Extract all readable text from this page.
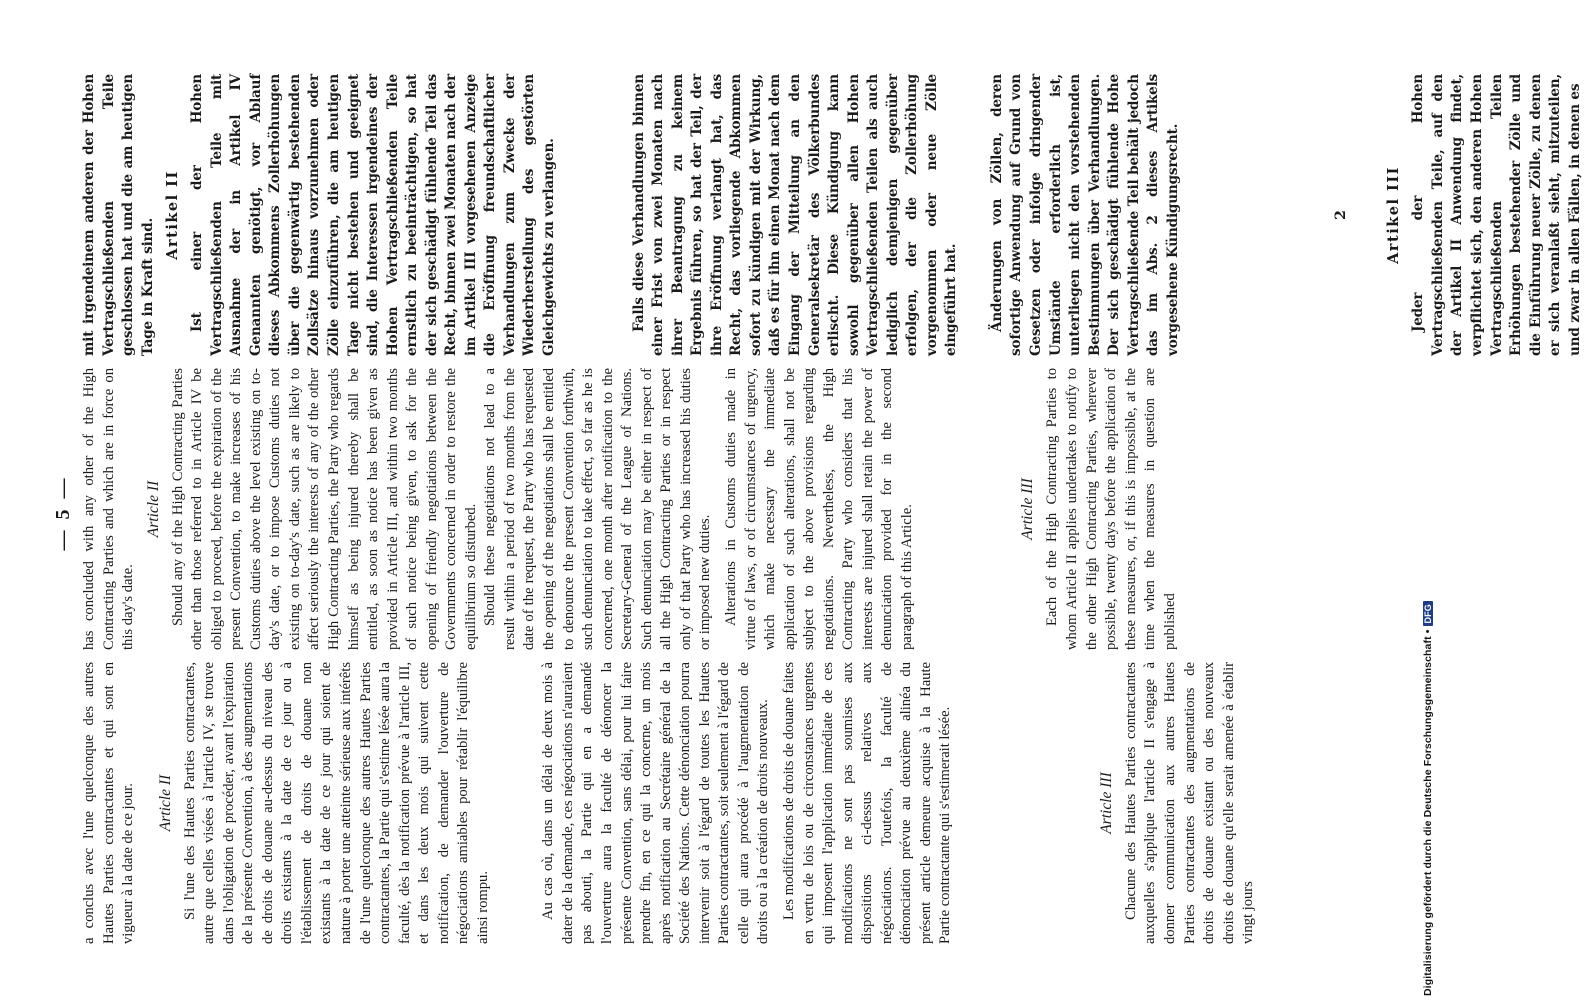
— 5 —

a conclus avec l'une quelconque des autres Hautes Parties contractantes et qui sont en vigueur à la date de ce jour. Article II Si l'une des Hautes Parties contractantes, autre que celles visées à l'article IV, se trouve dans l'obligation de procéder, avant l'expiration de la présente Convention, à des augmentations de droits de douane au-dessus du niveau des droits existants à la date de ce jour ou à l'établissement de droits de douane non existants à la date de ce jour qui soient de nature à porter une atteinte sérieuse aux intérêts de l'une quelconque des autres Hautes Parties contractantes, la Partie qui s'estime lésée aura la faculté, dès la notification prévue à l'article III, et dans les deux mois qui suivent cette notification, de demander l'ouverture de négociations amiables pour rétablir l'équilibre ainsi rompu.	Au cas où, dans un délai de deux mois à dater de la demande, ces négociations n'auraient pas abouti, la Partie qui en a demandé l'ouverture aura la faculté de dénoncer la présente Convention, sans délai, pour lui faire prendre fin, en ce qui la concerne, un mois après notification au Secrétaire général de la Société des Nations. Cette dénonciation pourra intervenir soit à l'égard de toutes les Hautes Parties contractantes, soit seulement à l'égard de celle qui aura procédé à l'augmentation de droits ou à la création de droits nouveaux. Les modifications de droits de douane faites en vertu de lois ou de circonstances urgentes qui imposent l'application immédiate de ces modifications ne sont pas soumises aux dispositions ci-dessus relatives aux négociations. Toutefois, la faculté de dénonciation prévue au deuxième alinéa du présent article demeure acquise à la Haute Partie contractante qui s'estimerait lésée.	Article III Chacune des Hautes Parties contractantes auxquelles s'applique l'article II s'engage à donner communication aux autres Hautes Parties contractantes des augmentations de droits de douane existant ou des nouveaux droits de douane qu'elle serait amenée à établir vingt jours

has concluded with any other of the High Contracting Parties and which are in force on this day's date.

Article II Should any of the High Contracting Parties other than those referred to in Article IV be obliged to proceed, before the expiration of the present Convention, to make increases of his Customs duties above the level existing on to-day's date, or to impose Customs duties not existing on to-day's date, such as are likely to affect seriously the interests of any of the other High Contracting Parties, the Party who regards himself as being injured thereby shall be entitled, as soon as notice has been given as provided in Article III, and within two months of such notice being given, to ask for the opening of friendly negotiations between the Governments concerned in order to restore the equilibrium so disturbed. Should these negotiations not lead to a result within a period of two months from the date of the request, the Party who has requested the opening of the negotiations shall be entitled to denounce the present Convention forthwith, such denunciation to take effect, so far as he is concerned, one month after notification to the Secretary-General of the League of Nations. Such denunciation may be either in respect of all the High Contracting Parties or in respect only of that Party who has increased his duties or imposed new duties. Alterations in Customs duties made in virtue of laws, or of circumstances of urgency, which make necessary the immediate application of such alterations, shall not be subject to the above provisions regarding negotiations. Nevertheless, the High Contracting Party who considers that his interests are injured shall retain the power of denunciation provided for in the second paragraph of this Article.	Article III Each of the High Contracting Parties to whom Article II applies undertakes to notify to the other High Contracting Parties, wherever possible, twenty days before the application of these measures, or, if this is impossible, at the time when the measures in question are published

mit irgendeinem anderen der Hohen Vertragschließenden Teile geschlossen hat und die am heutigen Tage in Kraft sind.

Artikel II Ist einer der Hohen Vertragschließenden Teile mit Ausnahme der in Artikel IV Genannten genötigt, vor Ablauf dieses Abkommens Zollerhöhungen über die gegenwärtig bestehenden Zollsätze hinaus vorzunehmen oder Zölle einzuführen, die am heutigen Tage nicht bestehen und geeignet sind, die Interessen irgendeines der Hohen Vertragschließenden Teile ernstlich zu beeinträchtigen, so hat der sich geschädigt fühlende Teil das Recht, binnen zwei Monaten nach der im Artikel III vorgesehenen Anzeige die Eröffnung freundschaftlicher Verhandlungen zum Zwecke der Wiederherstellung des gestörten Gleichgewichts zu verlangen.	Falls diese Verhandlungen binnen einer Frist von zwei Monaten nach ihrer Beantragung zu keinem Ergebnis führen, so hat der Teil, der ihre Eröffnung verlangt hat, das Recht, das vorliegende Abkommen sofort zu kündigen mit der Wirkung, daß es für ihn einen Monat nach dem Eingang der Mitteilung an den Generalsekretär des Völkerbundes erlischt. Diese Kündigung kann sowohl gegenüber allen Hohen Vertragschließenden Teilen als auch lediglich demjenigen gegenüber erfolgen, der die Zollerhöhung vorgenommen oder neue Zölle eingeführt hat. Änderungen von Zöllen, deren sofortige Anwendung auf Grund von Gesetzen oder infolge dringender Umstände erforderlich ist, unterliegen nicht den vorstehenden Bestimmungen über Verhandlungen. Der sich geschädigt fühlende Hohe Vertragschließende Teil behält jedoch das im Abs. 2 dieses Artikels vorgesehene Kündigungsrecht.	Artikel III Jeder der Hohen Vertragschließenden Teile, auf den der Artikel II Anwendung findet, verpflichtet sich, den anderen Hohen Vertragschließenden Teilen Erhöhungen bestehender Zölle und die Einführung neuer Zölle, zu denen er sich veranlaßt sieht, mitzuteilen, und zwar in allen Fällen, in denen es

2
Digitalisierung gefördert durch die Deutsche Forschungsgemeinschaft • DFG
